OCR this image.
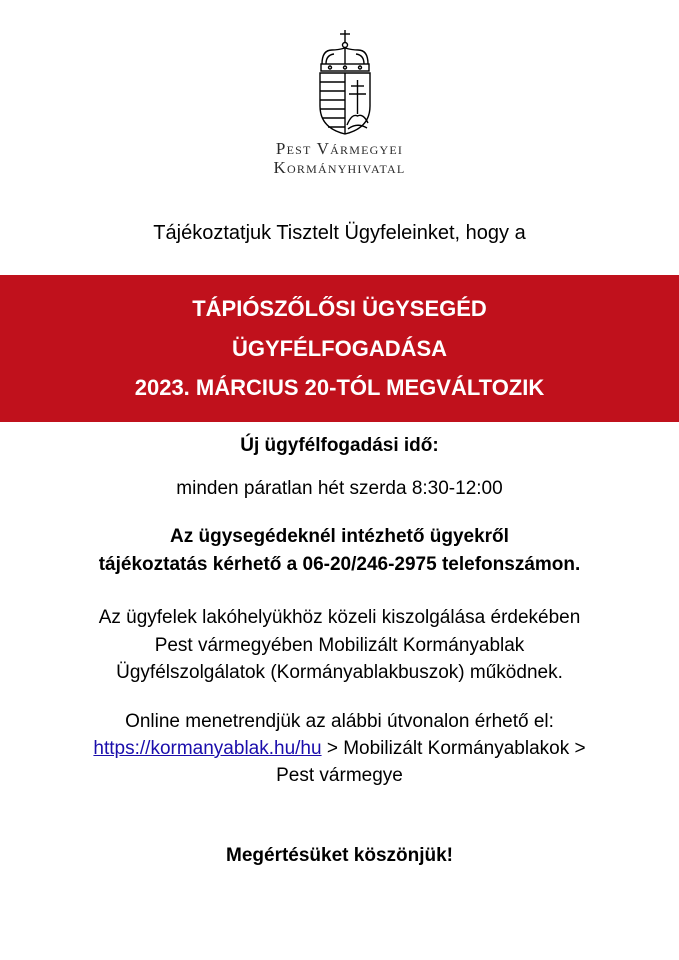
Pest Vármegyei
Kormányhivatal
Tájékoztatjuk Tisztelt Ügyfeleinket, hogy a
TÁPIÓSZŐLŐSI ÜGYSEGÉD
ÜGYFÉLFOGADÁSA
2023. MÁRCIUS 20-TÓL MEGVÁLTOZIK
Új ügyfélfogadási idő:
minden páratlan hét szerda 8:30-12:00
Az ügysegédeknél intézhető ügyekről
tájékoztatás kérhető a 06-20/246-2975 telefonszámon.
Az ügyfelek lakóhelyükhöz közeli kiszolgálása érdekében
Pest vármegyében Mobilizált Kormányablak
Ügyfélszolgálatok (Kormányablakbuszok) működnek.
Online menetrendjük az alábbi útvonalon érhető el:
https://kormanyablak.hu/hu > Mobilizált Kormányablakok >
Pest vármegye
Megértésüket köszönjük!
